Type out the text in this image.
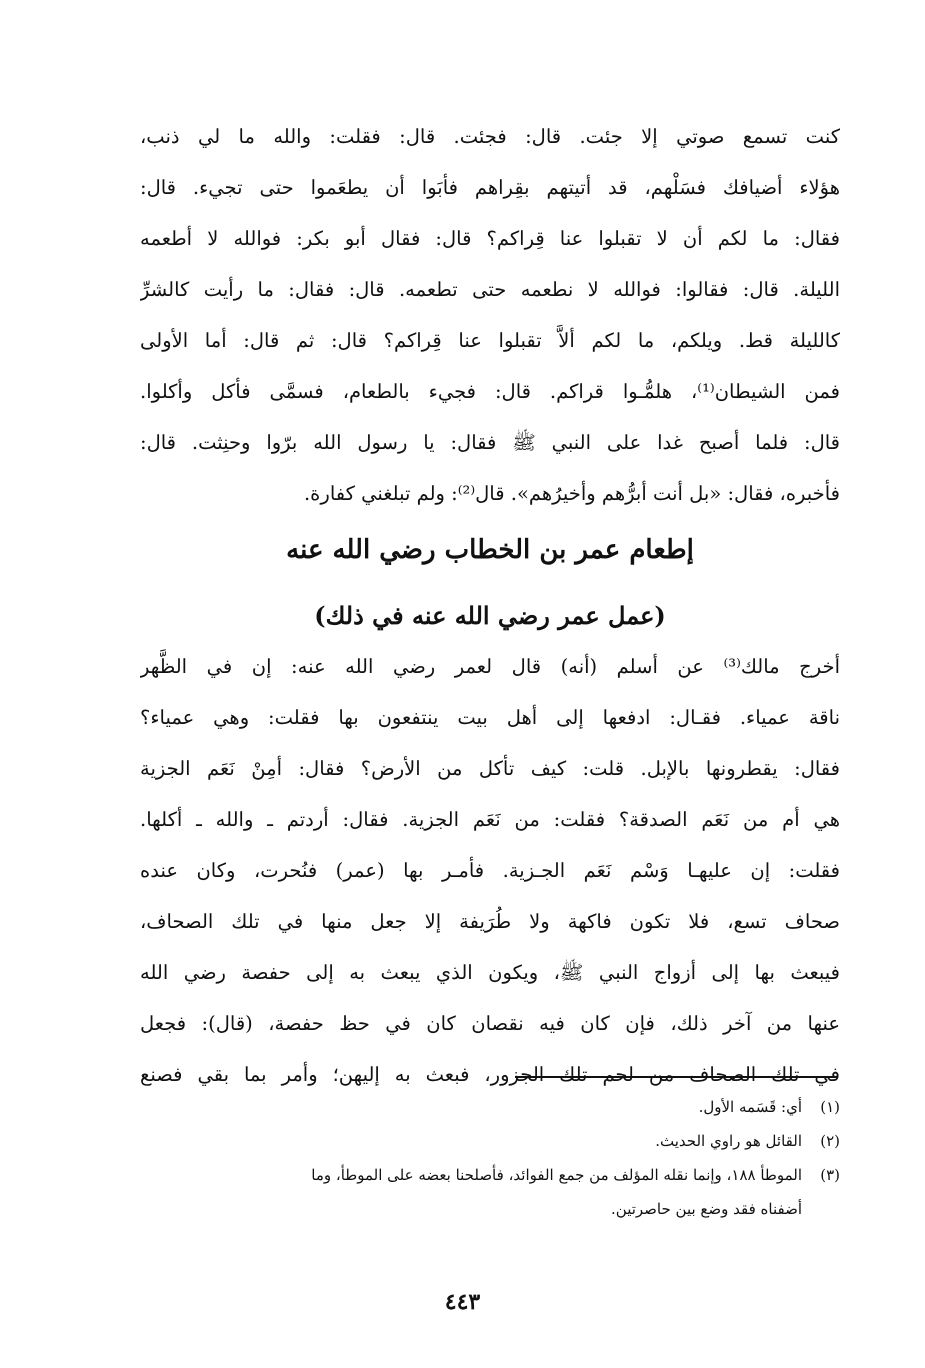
كنت تسمع صوتي إلا جئت. قال: فجئت. قال: فقلت: والله ما لي ذنب،
هؤلاء أضيافك فسَلْهم، قد أتيتهم بقِراهم فأبَوا أن يطعَموا حتى تجيء. قال:
فقال: ما لكم أن لا تقبلوا عنا قِراكم؟ قال: فقال أبو بكر: فوالله لا أطعمه
الليلة. قال: فقالوا: فوالله لا نطعمه حتى تطعمه. قال: فقال: ما رأيت كالشرِّ
كالليلة قط. ويلكم، ما لكم ألاَّ تقبلوا عنا قِراكم؟ قال: ثم قال: أما الأولى
فمن الشيطان⁽¹⁾، هلمُّـوا قراكم. قال: فجيء بالطعام، فسمَّى فأكل وأكلوا.
قال: فلما أصبح غدا على النبي ﷺ فقال: يا رسول الله برّوا وحنِثت. قال:
فأخبره، فقال: «بل أنت أبرُّهم وأخيرُهم». قال⁽²⁾: ولم تبلغني كفارة.
إطعام عمر بن الخطاب رضي الله عنه
(عمل عمر رضي الله عنه في ذلك)
أخرج مالك⁽³⁾ عن أسلم (أنه) قال لعمر رضي الله عنه: إن في الظَّهر
ناقة عمياء. فقـال: ادفعها إلى أهل بيت ينتفعون بها فقلت: وهي عمياء؟
فقال: يقطرونها بالإبل. قلت: كيف تأكل من الأرض؟ فقال: أمِنْ نَعَم الجزية
هي أم من نَعَم الصدقة؟ فقلت: من نَعَم الجزية. فقال: أردتم ـ والله ـ أكلها.
فقلت: إن عليهـا وَسْم نَعَم الجـزية. فأمـر بها (عمر) فنُحرت، وكان عنده
صحاف تسع، فلا تكون فاكهة ولا طُرَيفة إلا جعل منها في تلك الصحاف،
فيبعث بها إلى أزواج النبي ﷺ، ويكون الذي يبعث به إلى حفصة رضي الله
عنها من آخر ذلك، فإن كان فيه نقصان كان في حظ حفصة، (قال): فجعل
في تلك الصحاف من لحم تلك الجزور، فبعث به إليهن؛ وأمر بما بقي فصنع
(١)
أي: قَسَمه الأول.
(٢)
القائل هو راوي الحديث.
(٣)
الموطأ ١٨٨، وإنما نقله المؤلف من جمع الفوائد، فأصلحنا بعضه على الموطأ، وما
أضفناه فقد وضع بين حاصرتين.
٤٤٣
